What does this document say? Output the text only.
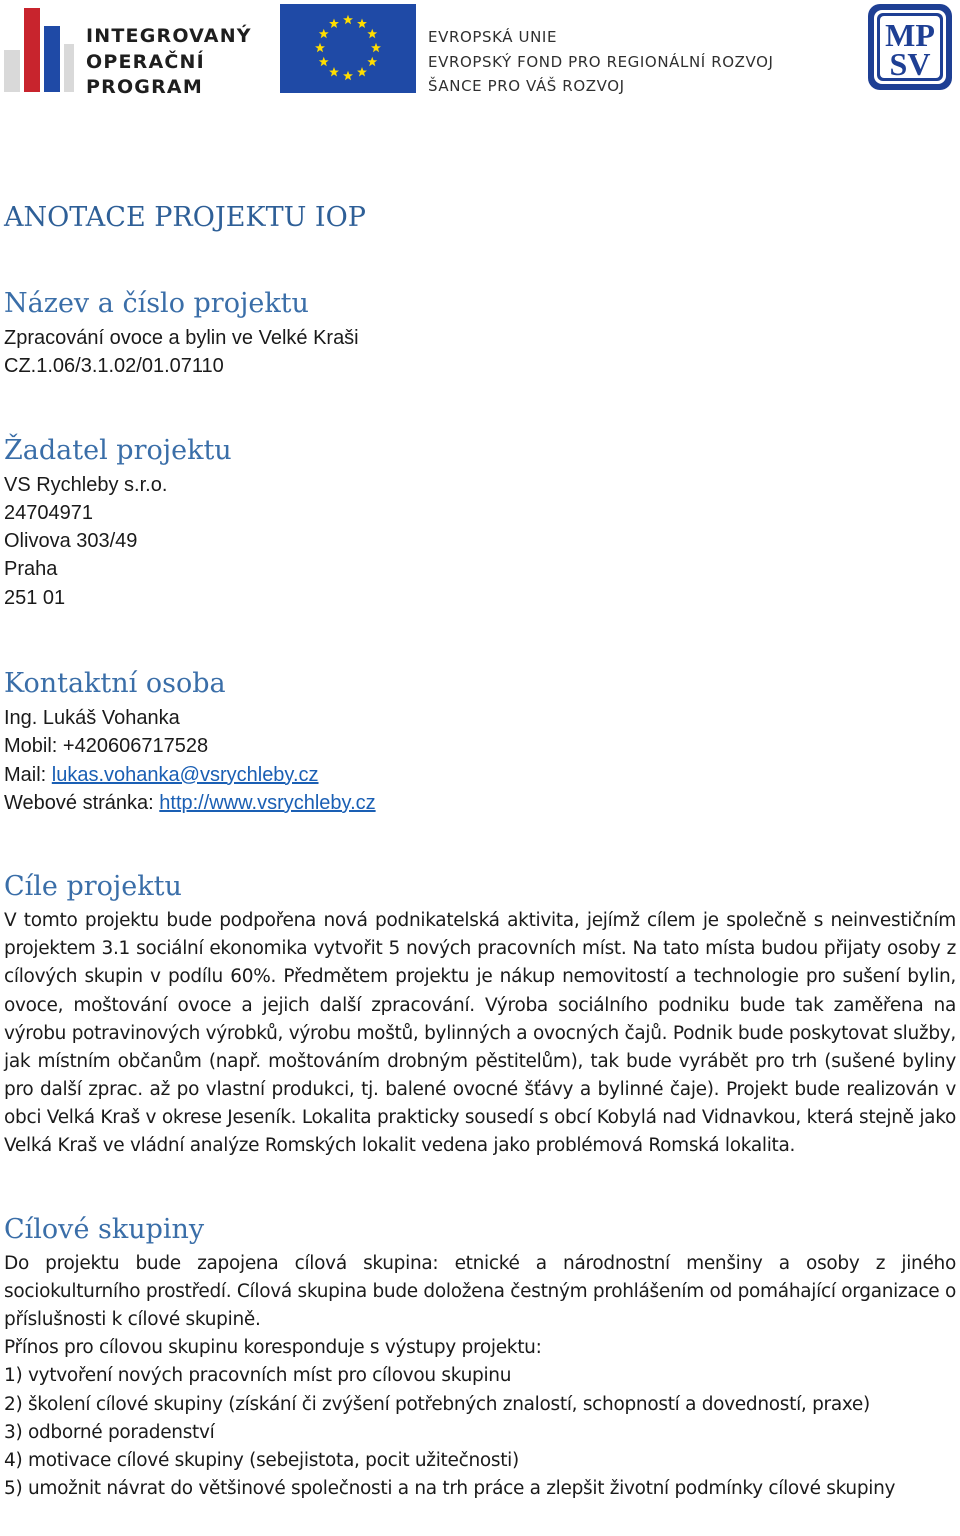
INTEGROVANÝ
OPERAČNÍ
PROGRAM
EVROPSKÁ UNIE
EVROPSKÝ FOND PRO REGIONÁLNÍ ROZVOJ
ŠANCE PRO VÁŠ ROZVOJ
MP
SV
ANOTACE PROJEKTU IOP
Název a číslo projektu
Zpracování ovoce a bylin ve Velké Kraši
CZ.1.06/3.1.02/01.07110
Žadatel projektu
VS Rychleby s.r.o.
24704971
Olivova 303/49
Praha
251 01
Kontaktní osoba
Ing. Lukáš Vohanka
Mobil: +420606717528
Mail: lukas.vohanka@vsrychleby.cz
Webové stránka: http://www.vsrychleby.cz
Cíle projektu

V tomto projektu bude podpořena nová podnikatelská aktivita, jejímž cílem je společně s neinvestičním projektem 3.1 sociální ekonomika vytvořit 5 nových pracovních míst. Na tato místa budou přijaty osoby z cílových skupin v podílu 60%. Předmětem projektu je nákup nemovitostí a technologie pro sušení bylin, ovoce, moštování ovoce a jejich další zpracování. Výroba sociálního podniku bude tak zaměřena na výrobu potravinových výrobků, výrobu moštů, bylinných a ovocných čajů. Podnik bude poskytovat služby, jak místním občanům (např. moštováním drobným pěstitelům), tak bude vyrábět pro trh (sušené byliny pro další zprac. až po vlastní produkci, tj. balené ovocné šťávy a bylinné čaje). Projekt bude realizován v obci Velká Kraš v okrese Jeseník. Lokalita prakticky sousedí s obcí Kobylá nad Vidnavkou, která stejně jako Velká Kraš ve vládní analýze Romských lokalit vedena jako problémová Romská lokalita.

Cílové skupiny

Do projektu bude zapojena cílová skupina: etnické a národnostní menšiny a osoby z jiného sociokulturního prostředí. Cílová skupina bude doložena čestným prohlášením od pomáhající organizace o příslušnosti k cílové skupině.

Přínos pro cílovou skupinu koresponduje s výstupy projektu:
1) vytvoření nových pracovních míst pro cílovou skupinu
2) školení cílové skupiny (získání či zvýšení potřebných znalostí, schopností a dovedností, praxe)
3) odborné poradenství
4) motivace cílové skupiny (sebejistota, pocit užitečnosti)
5) umožnit návrat do většinové společnosti a na trh práce a zlepšit životní podmínky cílové skupiny
